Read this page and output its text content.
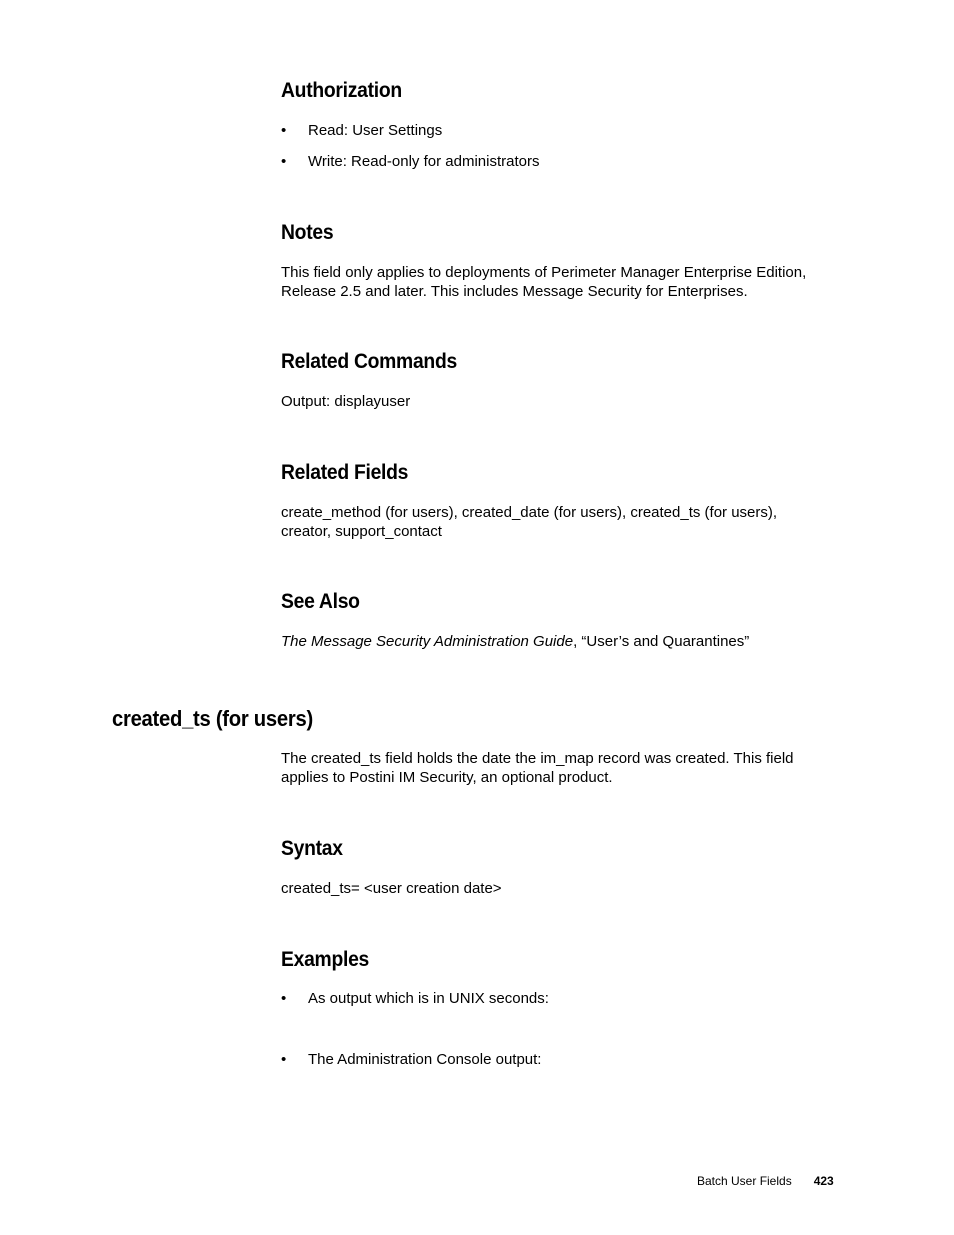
Authorization
• Read: User Settings
• Write: Read-only for administrators
Notes

This field only applies to deployments of Perimeter Manager Enterprise Edition,
Release 2.5 and later. This includes Message Security for Enterprises.

Related Commands

Output: displayuser

Related Fields

create_method (for users), created_date (for users), created_ts (for users),
creator, support_contact

See Also

The Message Security Administration Guide, “User’s and Quarantines”

created_ts (for users)

The created_ts field holds the date the im_map record was created. This field
applies to Postini IM Security, an optional product.

Syntax

created_ts= <user creation date>

Examples
• As output which is in UNIX seconds:
• The Administration Console output:
Batch User Fields 423
